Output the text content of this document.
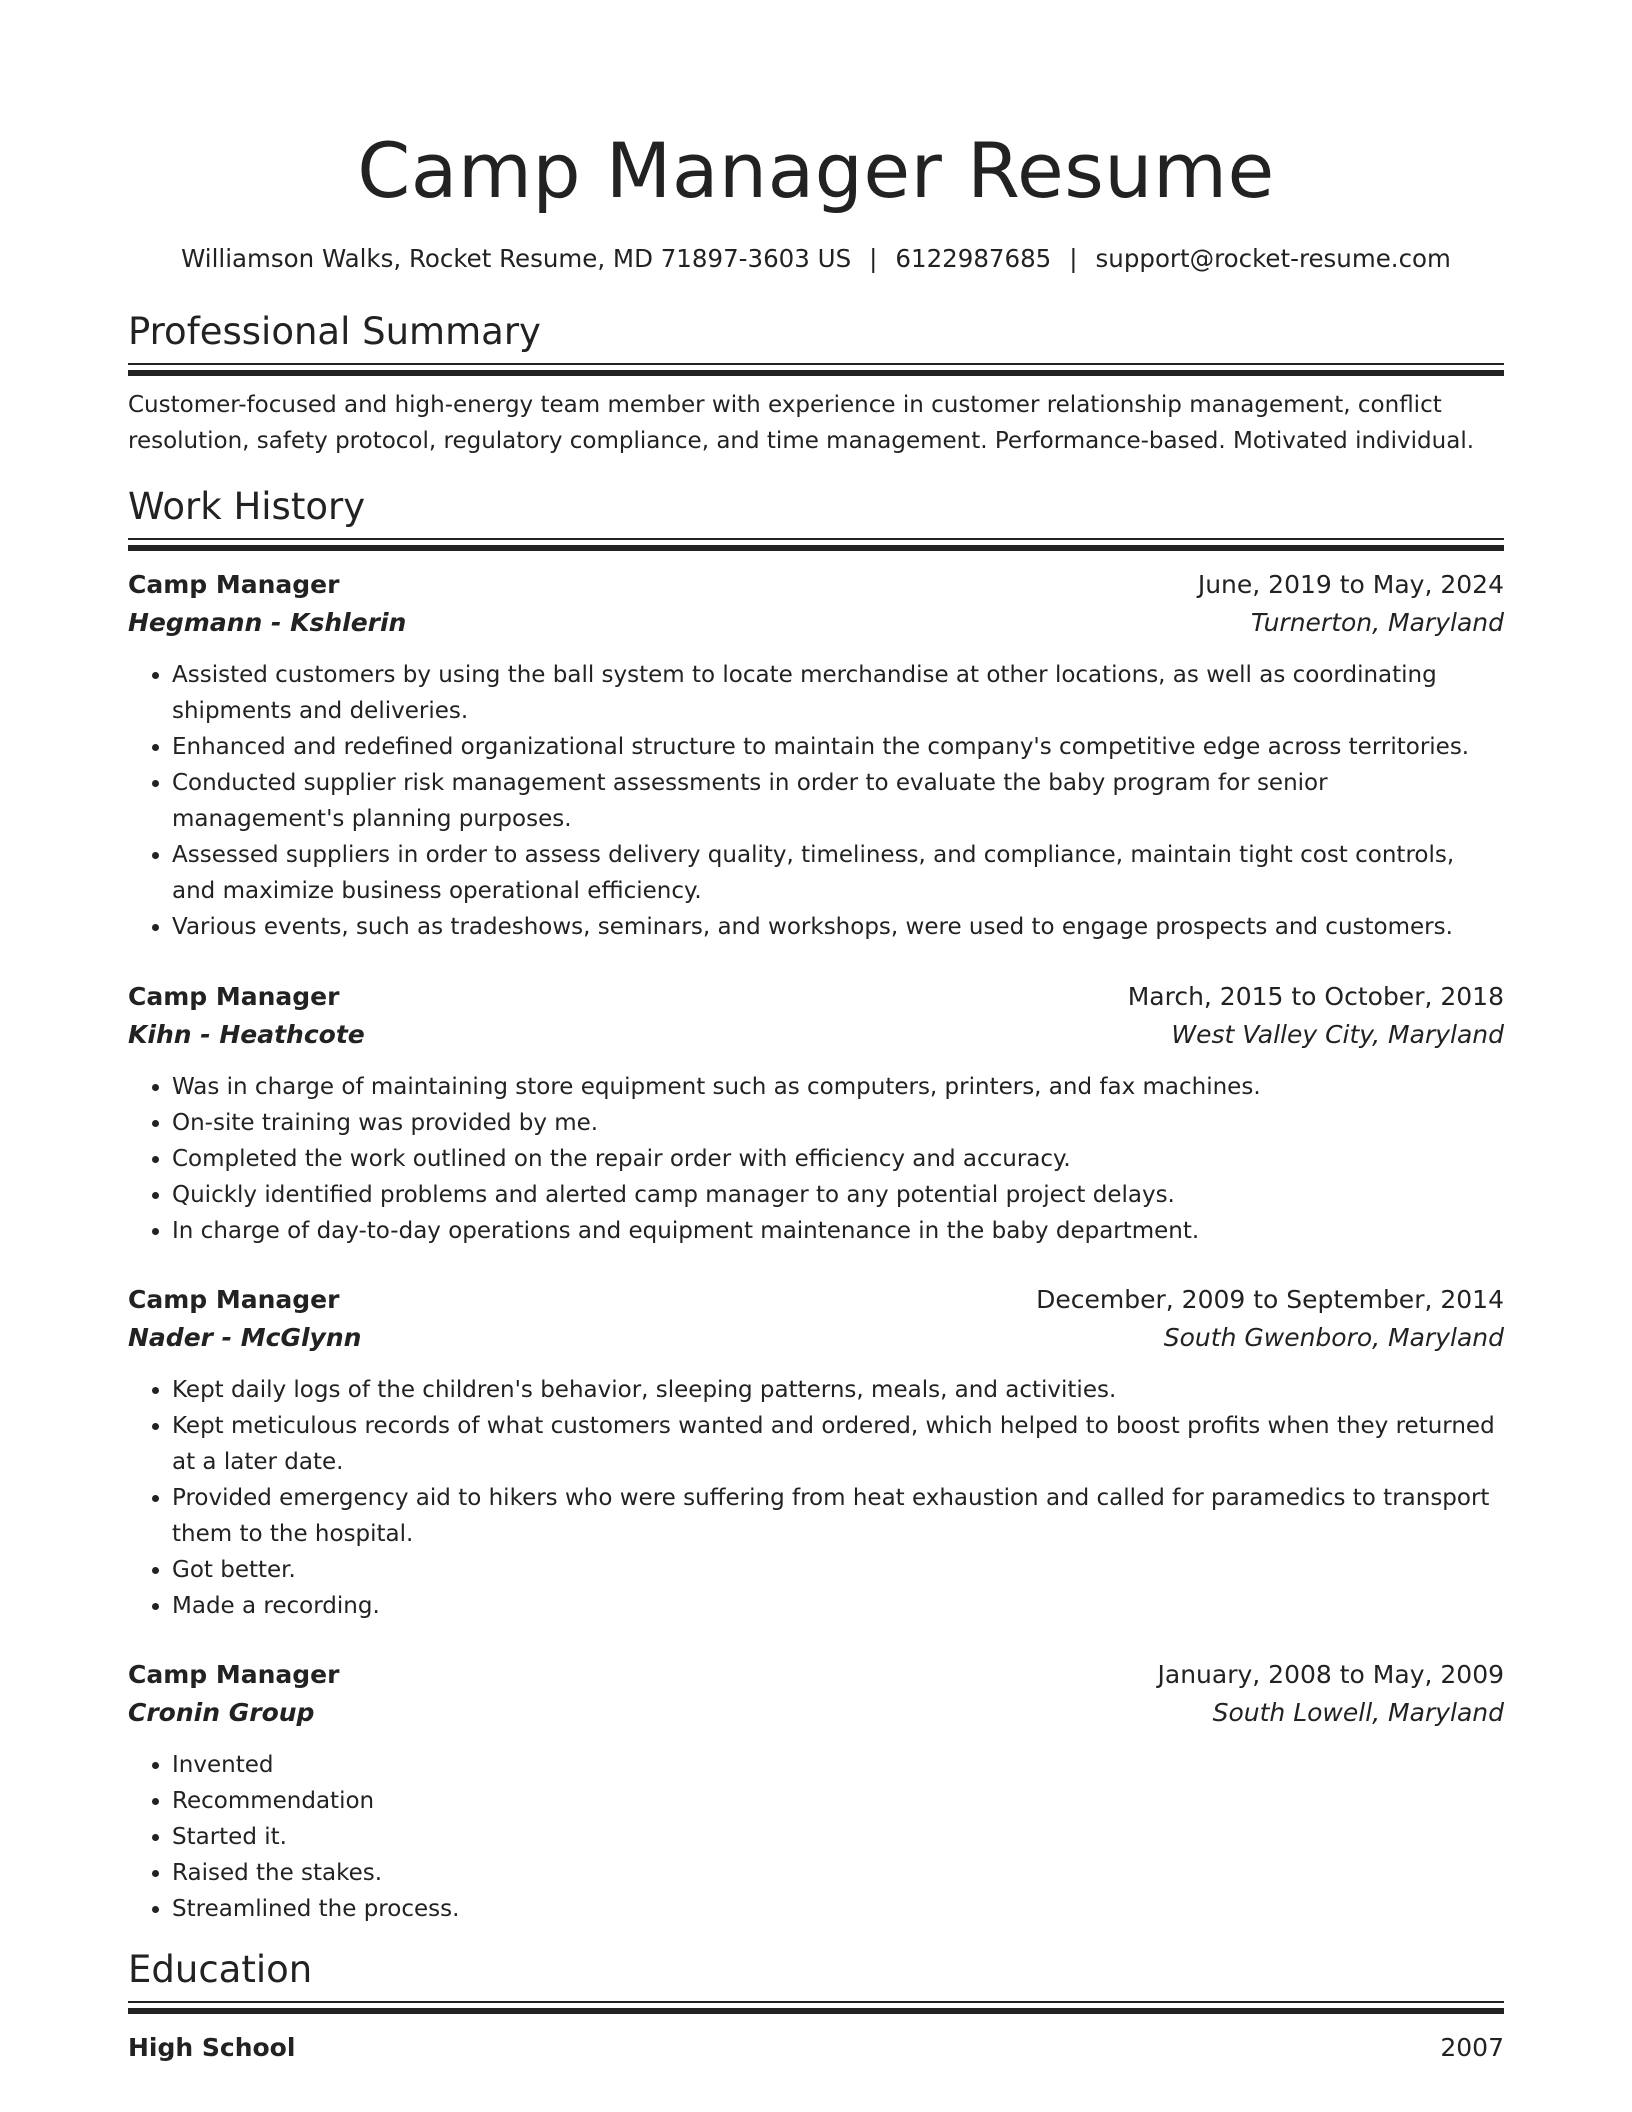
Camp Manager Resume
Williamson Walks, Rocket Resume, MD 71897-3603 US | 6122987685 | support@rocket-resume.com
Professional Summary

Customer-focused and high-energy team member with experience in customer relationship management, conflict resolution, safety protocol, regulatory compliance, and time management. Performance-based. Motivated individual.

Work History
Camp Manager	June, 2019 to May, 2024
Hegmann - Kshlerin	Turnerton, Maryland
• Assisted customers by using the ball system to locate merchandise at other locations, as well as coordinating shipments and deliveries.
• Enhanced and redefined organizational structure to maintain the company's competitive edge across territories.
• Conducted supplier risk management assessments in order to evaluate the baby program for senior management's planning purposes.
• Assessed suppliers in order to assess delivery quality, timeliness, and compliance, maintain tight cost controls, and maximize business operational efficiency.
• Various events, such as tradeshows, seminars, and workshops, were used to engage prospects and customers.
Camp Manager	March, 2015 to October, 2018
Kihn - Heathcote	West Valley City, Maryland
• Was in charge of maintaining store equipment such as computers, printers, and fax machines.
• On-site training was provided by me.
• Completed the work outlined on the repair order with efficiency and accuracy.
• Quickly identified problems and alerted camp manager to any potential project delays.
• In charge of day-to-day operations and equipment maintenance in the baby department.
Camp Manager	December, 2009 to September, 2014
Nader - McGlynn	South Gwenboro, Maryland
• Kept daily logs of the children's behavior, sleeping patterns, meals, and activities.
• Kept meticulous records of what customers wanted and ordered, which helped to boost profits when they returned at a later date.
• Provided emergency aid to hikers who were suffering from heat exhaustion and called for paramedics to transport them to the hospital.
• Got better.
• Made a recording.
Camp Manager	January, 2008 to May, 2009
Cronin Group	South Lowell, Maryland
• Invented
• Recommendation
• Started it.
• Raised the stakes.
• Streamlined the process.
Education
High School	2007
